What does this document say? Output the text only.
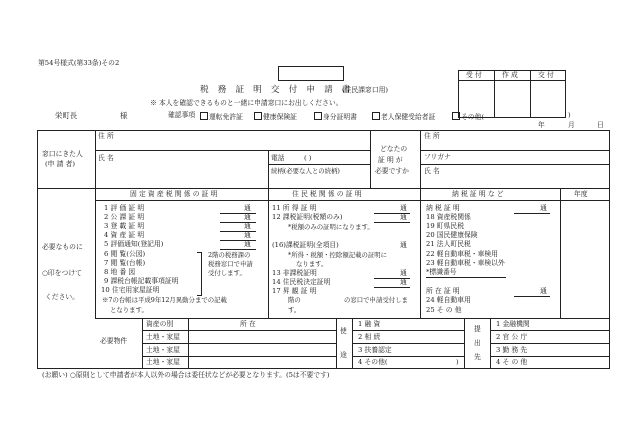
第54号様式(第33条)その2
受 付	作 成	交 付
税 務 証 明 交 付 申 請 書
(住民課窓口用)
※ 本人を確認できるものと一緒に申請窓口にお出しください。
栄町長	様	確認事項	運転免許証	健康保険証	身分証明書	老人保健受給者証	その他(	)
年	月	日
窓口にきた人
(申 請 者)
住 所
氏 名	電話	( )
続柄(必要な人との続柄)
どなたの
証 明 が
必要ですか
住 所
フリガナ
氏 名
固 定 資 産 税 関 係 の 証 明	住 民 税 関 係 の 証 明	納 税 証 明 な ど	年度
必要なものに
○印をつけて
ください。
1 評 価 証 明	通
2 公 課 証 明	通
3 登 載 証 明	通
4 資 産 証 明	通
5 評価通知(登記用)	通
6 閲 覧(公図)
7 閲 覧(台帳)
8 地 番 図
9 課税台帳記載事項証明
10 住宅用家屋証明
2階の税務課の
税務窓口で申請
受付します。
※7の台帳は平成9年12月異動分までの記載
となります。
11 所 得 証 明	通
12 課税証明(税額のみ)	通
*税額のみの証明になります。
(16)課税証明(全項目)	通
*所得・税額・控除額記載の証明に
なります。
13 非課税証明	通
14 住民税決定証明	通
17 昇 観 証 明
階の	の窓口で申請受付しま
す。
納 税 証 明	通
18 資産税関係
19 町県民税
20 国民健康保険
21 法人町民税
22 軽自動車税・車検用
23 軽自動車税・車検以外
*標識番号
所 在 証 明	通
24 軽自動車用
25 そ の 他
必要物件
資産の別	所 在
土地・家屋
土地・家屋
土地・家屋
使
途
1 融 資
2 相 続
3 扶養認定
4 その他(	)
提
出
先
1 金融機関
2 官 公 庁
3 勤 務 先
4 そ の 他
(お願い) ○原則として申請者が本人以外の場合は委任状などが必要となります。(5は不要です)
